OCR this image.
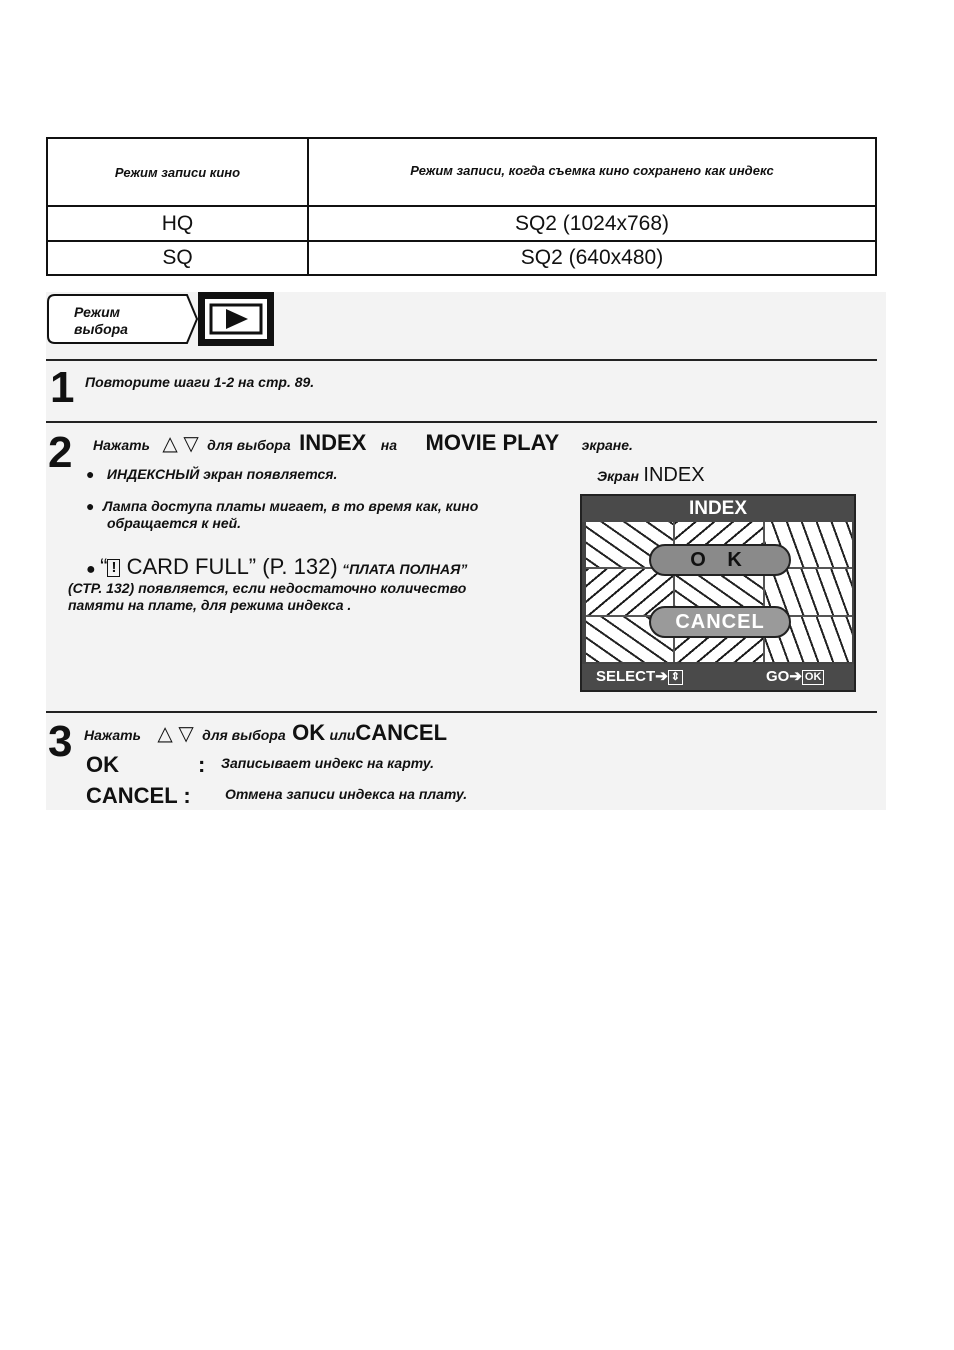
Режим записи кино	Режим записи, когда съемка кино сохранено как индекс
HQ	SQ2 (1024x768)
SQ	SQ2 (640x480)
Режим
выбора
1 Повторите шаги 1-2 на стр. 89.
2 Нажать △ ▽ для выбора INDEX на MOVIE PLAY экране.
● ИНДЕКСНЫЙ экран появляется.
● Лампа доступа платы мигает, в то время как, кино
обращается к ней.
● “ ! CARD FULL” (P. 132) “ПЛАТА ПОЛНАЯ”
(СТР. 132) появляется, если недостаточно количество
памяти на плате, для режима индекса .
Экран INDEX
INDEX
O K
CANCEL
SELECT➔ ⇕	GO➔ OK
3 Нажать △ ▽ для выбора OK илиCANCEL
OK	: Записывает индекс на карту.
CANCEL : Отмена записи индекса на плату.
